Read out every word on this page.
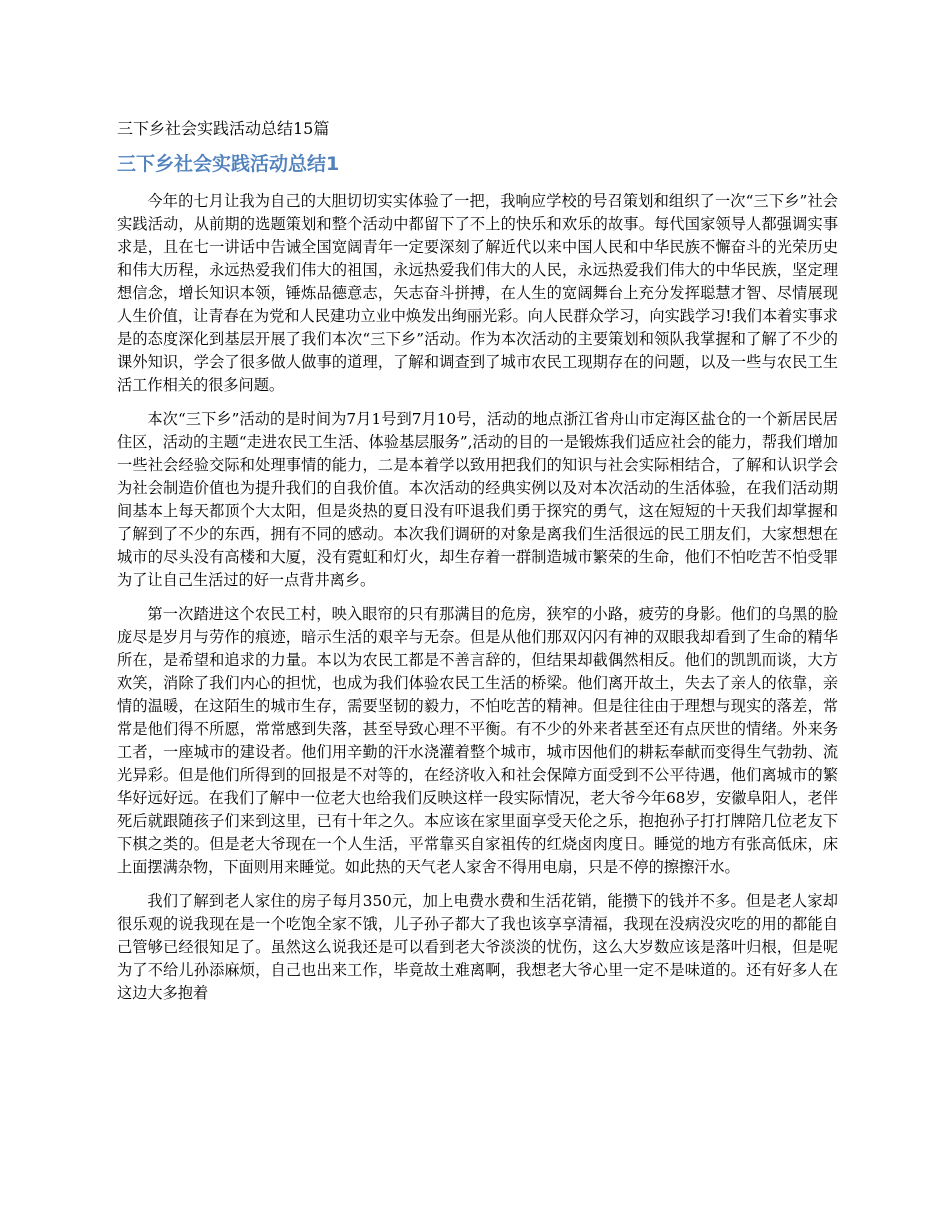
三下乡社会实践活动总结15篇
三下乡社会实践活动总结1

今年的七月让我为自己的大胆切切实实体验了一把，我响应学校的号召策划和组织了一次“三下乡”社会实践活动，从前期的选题策划和整个活动中都留下了不上的快乐和欢乐的故事。每代国家领导人都强调实事求是，且在七一讲话中告诫全国宽阔青年一定要深刻了解近代以来中国人民和中华民族不懈奋斗的光荣历史和伟大历程，永远热爱我们伟大的祖国，永远热爱我们伟大的人民，永远热爱我们伟大的中华民族，坚定理想信念，增长知识本领，锤炼品德意志，矢志奋斗拼搏，在人生的宽阔舞台上充分发挥聪慧才智、尽情展现人生价值，让青春在为党和人民建功立业中焕发出绚丽光彩。向人民群众学习，向实践学习!我们本着实事求是的态度深化到基层开展了我们本次“三下乡”活动。作为本次活动的主要策划和领队我掌握和了解了不少的课外知识，学会了很多做人做事的道理，了解和调查到了城市农民工现期存在的问题，以及一些与农民工生活工作相关的很多问题。

本次“三下乡”活动的是时间为7月1号到7月10号，活动的地点浙江省舟山市定海区盐仓的一个新居民居住区，活动的主题“走进农民工生活、体验基层服务”,活动的目的一是锻炼我们适应社会的能力，帮我们增加一些社会经验交际和处理事情的能力，二是本着学以致用把我们的知识与社会实际相结合，了解和认识学会为社会制造价值也为提升我们的自我价值。本次活动的经典实例以及对本次活动的生活体验，在我们活动期间基本上每天都顶个大太阳，但是炎热的夏日没有吓退我们勇于探究的勇气，这在短短的十天我们却掌握和了解到了不少的东西，拥有不同的感动。本次我们调研的对象是离我们生活很远的民工朋友们，大家想想在城市的尽头没有高楼和大厦，没有霓虹和灯火，却生存着一群制造城市繁荣的生命，他们不怕吃苦不怕受罪为了让自己生活过的好一点背井离乡。

第一次踏进这个农民工村，映入眼帘的只有那满目的危房，狭窄的小路，疲劳的身影。他们的乌黑的脸庞尽是岁月与劳作的痕迹，暗示生活的艰辛与无奈。但是从他们那双闪闪有神的双眼我却看到了生命的精华所在，是希望和追求的力量。本以为农民工都是不善言辞的，但结果却截偶然相反。他们的凯凯而谈，大方欢笑，消除了我们内心的担忧，也成为我们体验农民工生活的桥梁。他们离开故土，失去了亲人的依靠，亲情的温暖，在这陌生的城市生存，需要坚韧的毅力，不怕吃苦的精神。但是往往由于理想与现实的落差，常常是他们得不所愿，常常感到失落，甚至导致心理不平衡。有不少的外来者甚至还有点厌世的情绪。外来务工者，一座城市的建设者。他们用辛勤的汗水浇灌着整个城市，城市因他们的耕耘奉献而变得生气勃勃、流光异彩。但是他们所得到的回报是不对等的，在经济收入和社会保障方面受到不公平待遇，他们离城市的繁华好远好远。在我们了解中一位老大也给我们反映这样一段实际情况，老大爷今年68岁，安徽阜阳人，老伴死后就跟随孩子们来到这里，已有十年之久。本应该在家里面享受天伦之乐，抱抱孙子打打牌陪几位老友下下棋之类的。但是老大爷现在一个人生活，平常靠买自家祖传的红烧卤肉度日。睡觉的地方有张高低床，床上面摆满杂物，下面则用来睡觉。如此热的天气老人家舍不得用电扇，只是不停的擦擦汗水。

我们了解到老人家住的房子每月350元，加上电费水费和生活花销，能攒下的钱并不多。但是老人家却很乐观的说我现在是一个吃饱全家不饿，儿子孙子都大了我也该享享清福，我现在没病没灾吃的用的都能自己管够已经很知足了。虽然这么说我还是可以看到老大爷淡淡的忧伤，这么大岁数应该是落叶归根，但是呢为了不给儿孙添麻烦，自己也出来工作，毕竟故土难离啊，我想老大爷心里一定不是味道的。还有好多人在这边大多抱着
